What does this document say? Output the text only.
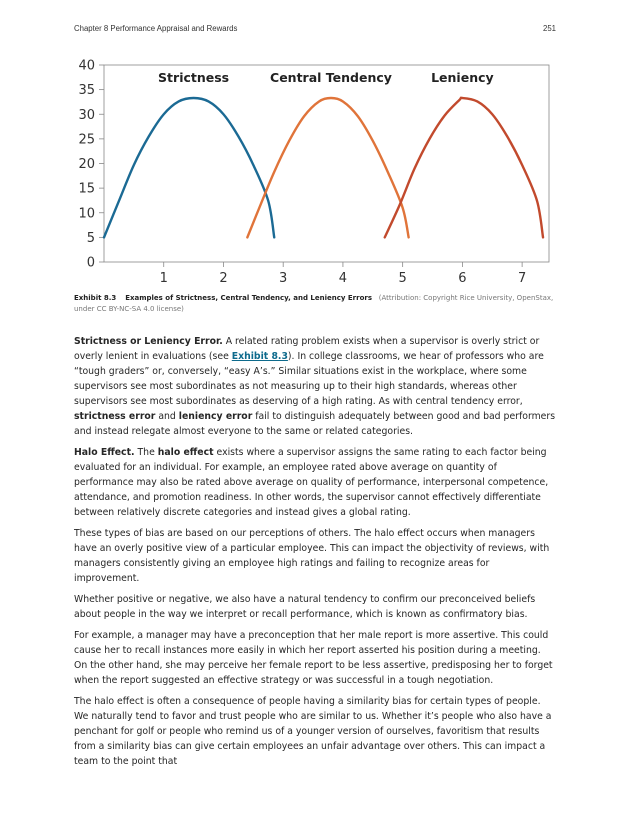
Chapter 8 Performance Appraisal and Rewards	251
0
5
10
15
20
25
30
35
40
1	2	3	4	5	6	7
Strictness	Central Tendency	Leniency
Exhibit 8.3 Examples of Strictness, Central Tendency, and Leniency Errors (Attribution: Copyright Rice University, OpenStax, under CC BY-NC-SA 4.0 license)

Strictness or Leniency Error. A related rating problem exists when a supervisor is overly strict or overly lenient in evaluations (see Exhibit 8.3). In college classrooms, we hear of professors who are “tough graders” or, conversely, “easy A’s.” Similar situations exist in the workplace, where some supervisors see most subordinates as not measuring up to their high standards, whereas other supervisors see most subordinates as deserving of a high rating. As with central tendency error, strictness error and leniency error fail to distinguish adequately between good and bad performers and instead relegate almost everyone to the same or related categories.

Halo Effect. The halo effect exists where a supervisor assigns the same rating to each factor being evaluated for an individual. For example, an employee rated above average on quantity of performance may also be rated above average on quality of performance, interpersonal competence, attendance, and promotion readiness. In other words, the supervisor cannot effectively differentiate between relatively discrete categories and instead gives a global rating.

These types of bias are based on our perceptions of others. The halo effect occurs when managers have an overly positive view of a particular employee. This can impact the objectivity of reviews, with managers consistently giving an employee high ratings and failing to recognize areas for improvement.

Whether positive or negative, we also have a natural tendency to confirm our preconceived beliefs about people in the way we interpret or recall performance, which is known as confirmatory bias.

For example, a manager may have a preconception that her male report is more assertive. This could cause her to recall instances more easily in which her report asserted his position during a meeting. On the other hand, she may perceive her female report to be less assertive, predisposing her to forget when the report suggested an effective strategy or was successful in a tough negotiation.

The halo effect is often a consequence of people having a similarity bias for certain types of people. We naturally tend to favor and trust people who are similar to us. Whether it’s people who also have a penchant for golf or people who remind us of a younger version of ourselves, favoritism that results from a similarity bias can give certain employees an unfair advantage over others. This can impact a team to the point that
